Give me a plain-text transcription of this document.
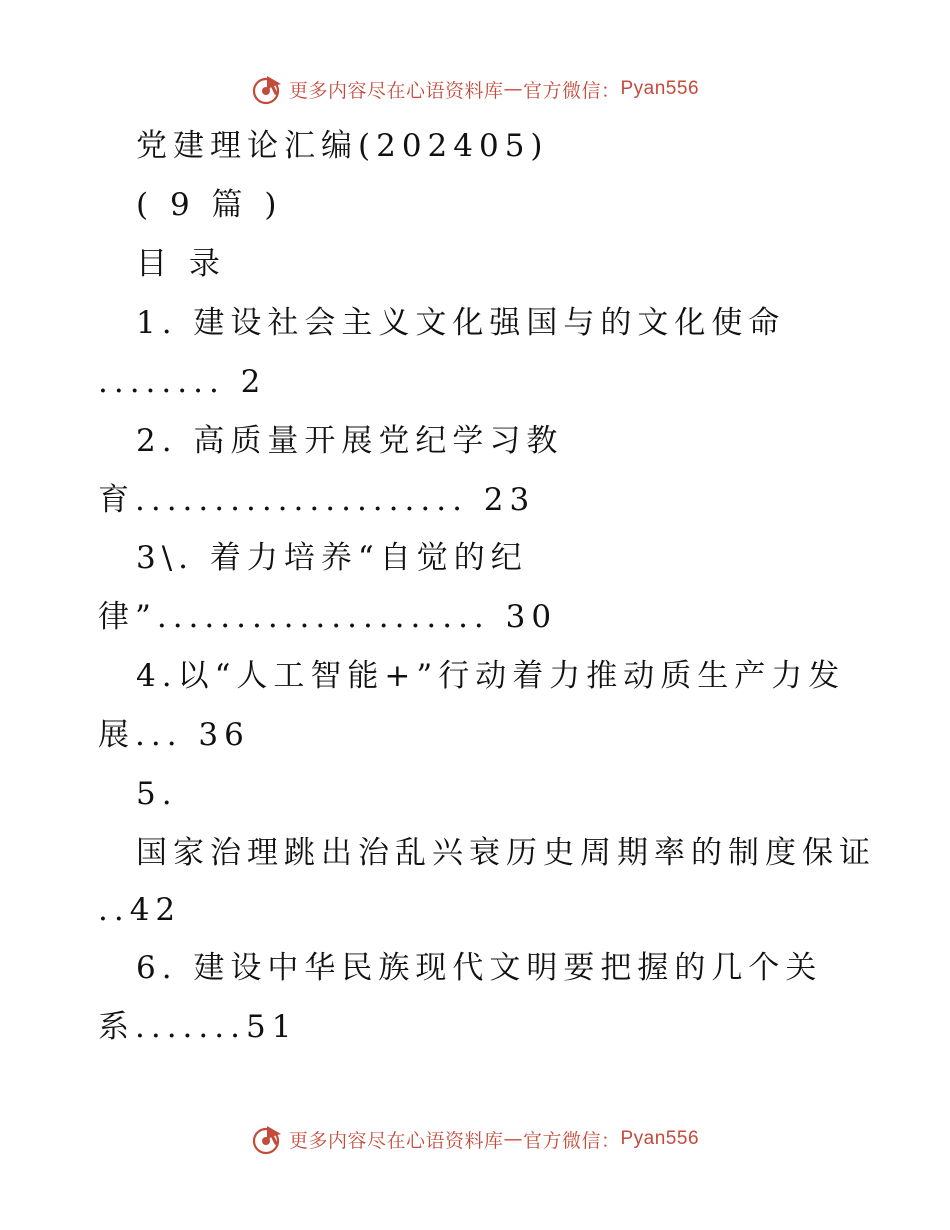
更多内容尽在心语资料库 — 官方微信： Pyan556
党建理论汇编(202405)
( 9 篇 )
目 录
1. 建设社会主义文化强国与的文化使命
........ 2
2. 高质量开展党纪学习教
育..................... 23
3\. 着力培养“自觉的纪
律”..................... 30
4.以“人工智能+”行动着力推动质生产力发
展... 36
5.
国家治理跳出治乱兴衰历史周期率的制度保证
..42
6. 建设中华民族现代文明要把握的几个关
系.......51
更多内容尽在心语资料库 — 官方微信： Pyan556
